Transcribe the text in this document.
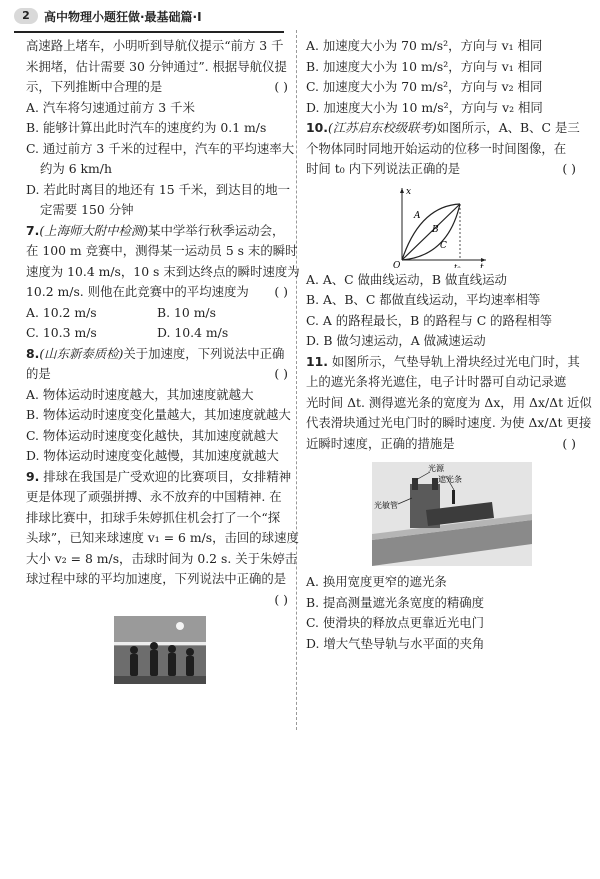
2	高中物理小题狂做·最基础篇·Ⅰ
高速路上堵车，小明听到导航仪提示“前方 3 千
米拥堵，估计需要 30 分钟通过”. 根据导航仪提
示，下列推断中合理的是	( )
A. 汽车将匀速通过前方 3 千米
B. 能够计算出此时汽车的速度约为 0.1 m/s
C. 通过前方 3 千米的过程中，汽车的平均速率大
约为 6 km/h
D. 若此时离目的地还有 15 千米，到达目的地一
定需要 150 分钟
7.(上海师大附中检测)某中学举行秋季运动会，
在 100 m 竞赛中，测得某一运动员 5 s 末的瞬时
速度为 10.4 m/s，10 s 末到达终点的瞬时速度为
10.2 m/s. 则他在此竞赛中的平均速度为 ( )
A. 10.2 m/s	B. 10 m/s
C. 10.3 m/s	D. 10.4 m/s
8.(山东新泰质检)关于加速度，下列说法中正确
的是	( )
A. 物体运动时速度越大，其加速度就越大
B. 物体运动时速度变化量越大，其加速度就越大
C. 物体运动时速度变化越快，其加速度就越大
D. 物体运动时速度变化越慢，其加速度就越大
9. 排球在我国是广受欢迎的比赛项目，女排精神
更是体现了顽强拼搏、永不放弃的中国精神. 在
排球比赛中，扣球手朱婷抓住机会打了一个“探
头球”，已知来球速度 v₁ = 6 m/s，击回的球速度
大小 v₂ = 8 m/s，击球时间为 0.2 s. 关于朱婷击
球过程中球的平均加速度，下列说法中正确的是
( )
A. 加速度大小为 70 m/s²，方向与 v₁ 相同
B. 加速度大小为 10 m/s²，方向与 v₁ 相同
C. 加速度大小为 70 m/s²，方向与 v₂ 相同
D. 加速度大小为 10 m/s²，方向与 v₂ 相同
10.(江苏启东校级联考)如图所示，A、B、C 是三
个物体同时同地开始运动的位移一时间图像，在
时间 t₀ 内下列说法正确的是	( )
x
t
O	t₀
A
B
C
A. A、C 做曲线运动，B 做直线运动
B. A、B、C 都做直线运动，平均速率相等
C. A 的路程最长，B 的路程与 C 的路程相等
D. B 做匀速运动，A 做减速运动
11. 如图所示，气垫导轨上滑块经过光电门时，其
上的遮光条将光遮住，电子计时器可自动记录遮
光时间 Δt. 测得遮光条的宽度为 Δx，用 Δx/Δt 近似
代表滑块通过光电门时的瞬时速度. 为使 Δx/Δt 更接
近瞬时速度，正确的措施是	( )
光源
遮光条
光敏管
A. 换用宽度更窄的遮光条
B. 提高测量遮光条宽度的精确度
C. 使滑块的释放点更靠近光电门
D. 增大气垫导轨与水平面的夹角
